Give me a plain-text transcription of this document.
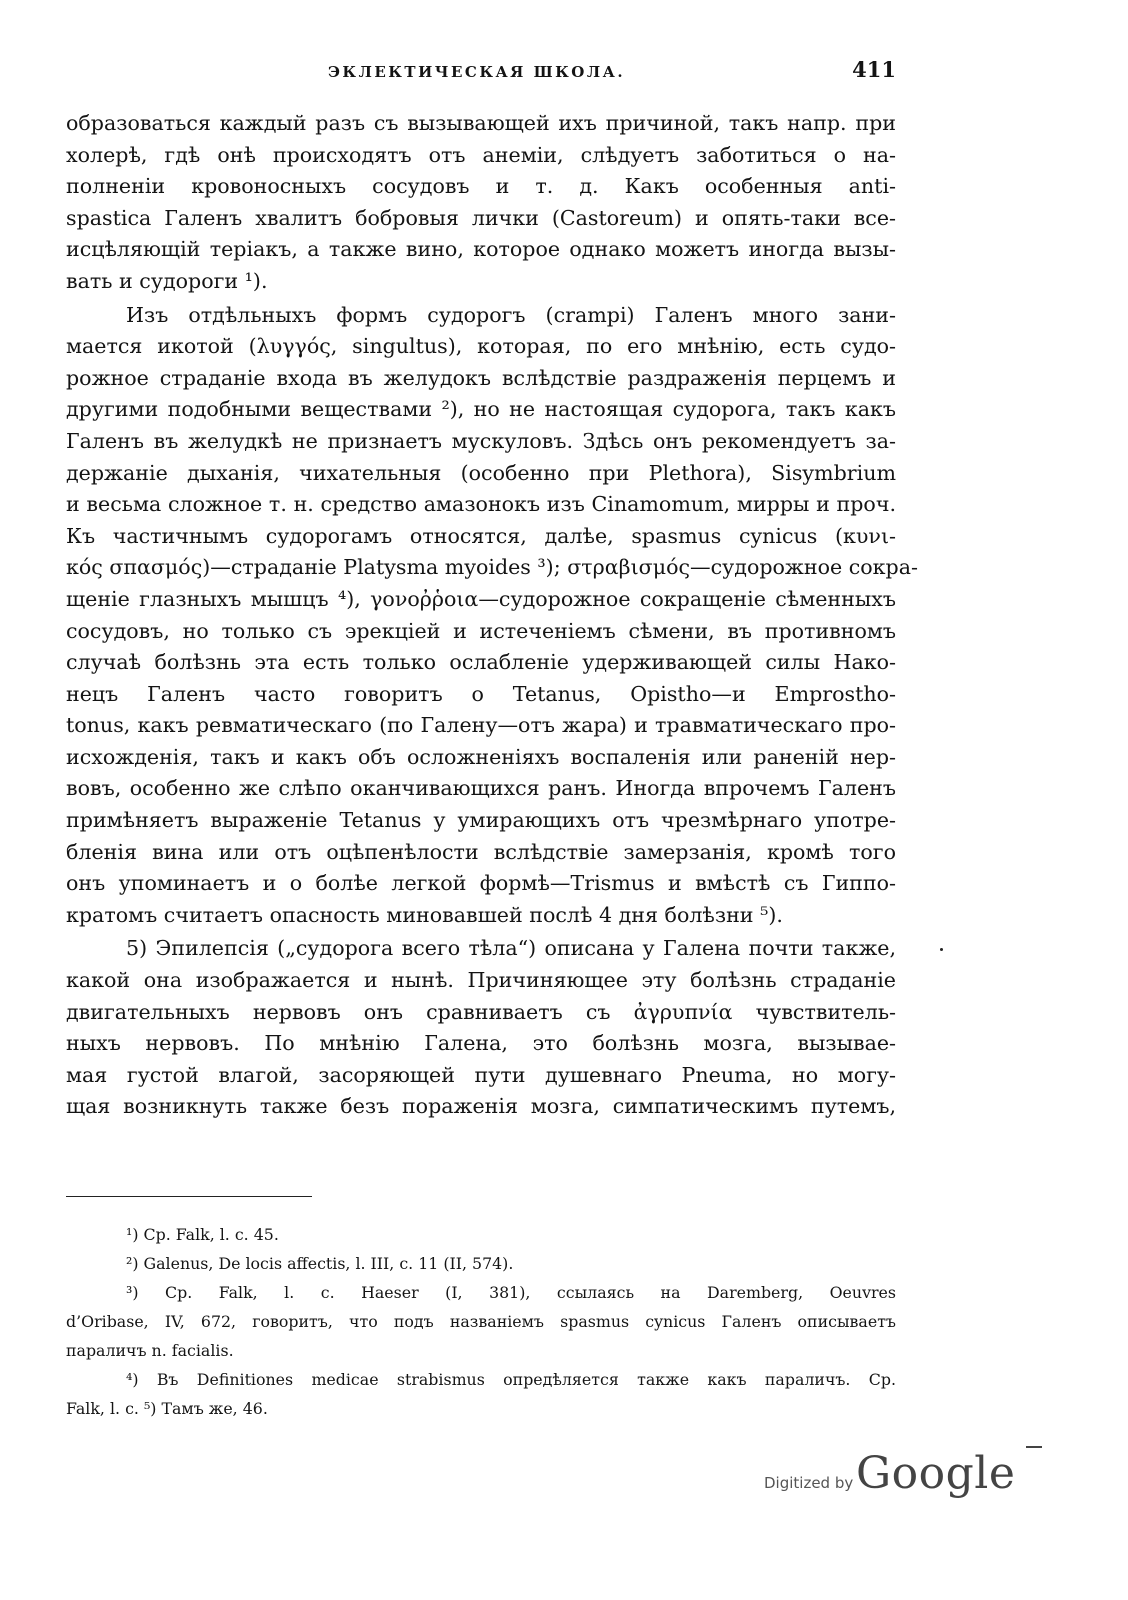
ЭКЛЕКТИЧЕСКАЯ ШКОЛА.	411
образоваться каждый разъ съ вызывающей ихъ причиной, такъ напр. при
холерѣ, гдѣ онѣ происходятъ отъ анеміи, слѣдуетъ заботиться о на-
полненіи кровоносныхъ сосудовъ и т. д. Какъ особенныя anti-
spastica Галенъ хвалитъ бобровыя лички (Castoreum) и опять-таки все-
исцѣляющій теріакъ, а также вино, которое однако можетъ иногда вызы-
вать и судороги ¹).
Изъ отдѣльныхъ формъ судорогъ (crampi) Галенъ много зани-
мается икотой (λυγγός, singultus), которая, по его мнѣнію, есть судо-
рожное страданіе входа въ желудокъ вслѣдствіе раздраженія перцемъ и
другими подобными веществами ²), но не настоящая судорога, такъ какъ
Галенъ въ желудкѣ не признаетъ мускуловъ. Здѣсь онъ рекомендуетъ за-
держаніе дыханія, чихательныя (особенно при Plethora), Sisymbrium
и весьма сложное т. н. средство амазонокъ изъ Cinamomum, мирры и проч.
Къ частичнымъ судорогамъ относятся, далѣе, spasmus cynicus (κυνι-
κός σπασμός)—страданіе Platysma myoides ³); στραβισμός—судорожное сокра-
щеніе глазныхъ мышцъ ⁴), γονοῤῥοια—судорожное сокращеніе сѣменныхъ
сосудовъ, но только съ эрекціей и истеченіемъ сѣмени, въ противномъ
случаѣ болѣзнь эта есть только ослабленіе удерживающей силы Нако-
нецъ Галенъ часто говоритъ о Tetanus, Opistho—и Emprostho-
tonus, какъ ревматическаго (по Галену—отъ жара) и травматическаго про-
исхожденія, такъ и какъ объ осложненіяхъ воспаленія или раненій нер-
вовъ, особенно же слѣпо оканчивающихся ранъ. Иногда впрочемъ Галенъ
примѣняетъ выраженіе Tetanus у умирающихъ отъ чрезмѣрнаго употре-
бленія вина или отъ оцѣпенѣлости вслѣдствіе замерзанія, кромѣ того
онъ упоминаетъ и о болѣе легкой формѣ—Trismus и вмѣстѣ съ Гиппо-
кратомъ считаетъ опасность миновавшей послѣ 4 дня болѣзни ⁵).
5) Эпилепсія („судорога всего тѣла“) описана у Галена почти также,
какой она изображается и нынѣ. Причиняющее эту болѣзнь страданіе
двигательныхъ нервовъ онъ сравниваетъ съ ἀγρυπνία чувствитель-
ныхъ нервовъ. По мнѣнію Галена, это болѣзнь мозга, вызывае-
мая густой влагой, засоряющей пути душевнаго Pneuma, но могу-
щая возникнуть также безъ пораженія мозга, симпатическимъ путемъ,
¹) Ср. Falk, l. c. 45.
²) Galenus, De locis affectis, l. III, c. 11 (II, 574).
³) Ср. Falk, l. c. Haeser (I, 381), ссылаясь на Daremberg, Oeuvres
d’Oribase, IV, 672, говоритъ, что подъ названіемъ spasmus cynicus Галенъ описываетъ
параличъ n. facialis.
⁴) Въ Definitiones medicae strabismus опредѣляется также какъ параличъ. Ср.
Falk, l. c. ⁵) Тамъ же, 46.
Digitized by Google
